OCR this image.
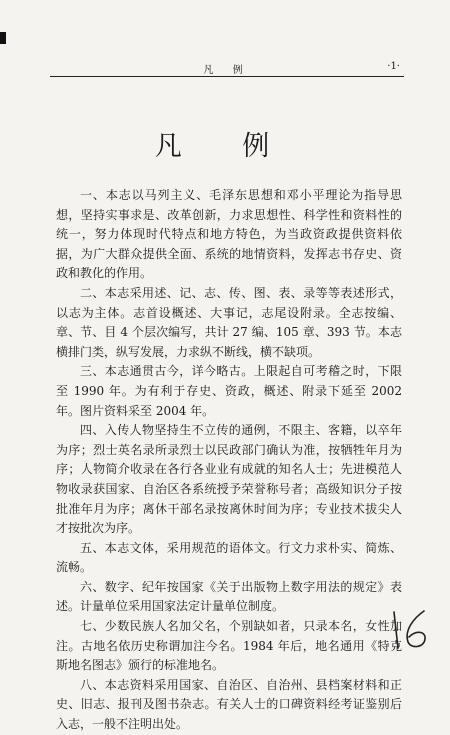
凡 例	·1·
凡 例

一、本志以马列主义、毛泽东思想和邓小平理论为指导思想，坚持实事求是、改革创新，力求思想性、科学性和资料性的统一，努力体现时代特点和地方特色，为当政资政提供资料依据，为广大群众提供全面、系统的地情资料，发挥志书存史、资政和教化的作用。

二、本志采用述、记、志、传、图、表、录等等表述形式，以志为主体。志首设概述、大事记，志尾设附录。全志按编、章、节、目 4 个层次编写，共计 27 编、105 章、393 节。本志横排门类，纵写发展，力求纵不断线，横不缺项。

三、本志通贯古今，详今略古。上限起自可考稽之时，下限至 1990 年。为有利于存史、资政，概述、附录下延至 2002 年。图片资料采至 2004 年。

四、入传人物坚持生不立传的通例，不限主、客籍，以卒年为序；烈士英名录所录烈士以民政部门确认为准，按牺牲年月为序；人物简介收录在各行各业业有成就的知名人士；先进模范人物收录获国家、自治区各系统授予荣誉称号者；高级知识分子按批准年月为序；离休干部名录按离休时间为序；专业技术拔尖人才按批次为序。

五、本志文体，采用规范的语体文。行文力求朴实、简炼、流畅。

六、数字、纪年按国家《关于出版物上数字用法的规定》表述。计量单位采用国家法定计量单位制度。

七、少数民族人名加父名，个别缺如者，只录本名，女性加注。古地名依历史称谓加注今名。1984 年后，地名通用《特克斯地名图志》颁行的标准地名。

八、本志资料采用国家、自治区、自治州、县档案材料和正史、旧志、报刊及图书杂志。有关人士的口碑资料经考证鉴别后入志，一般不注明出处。
